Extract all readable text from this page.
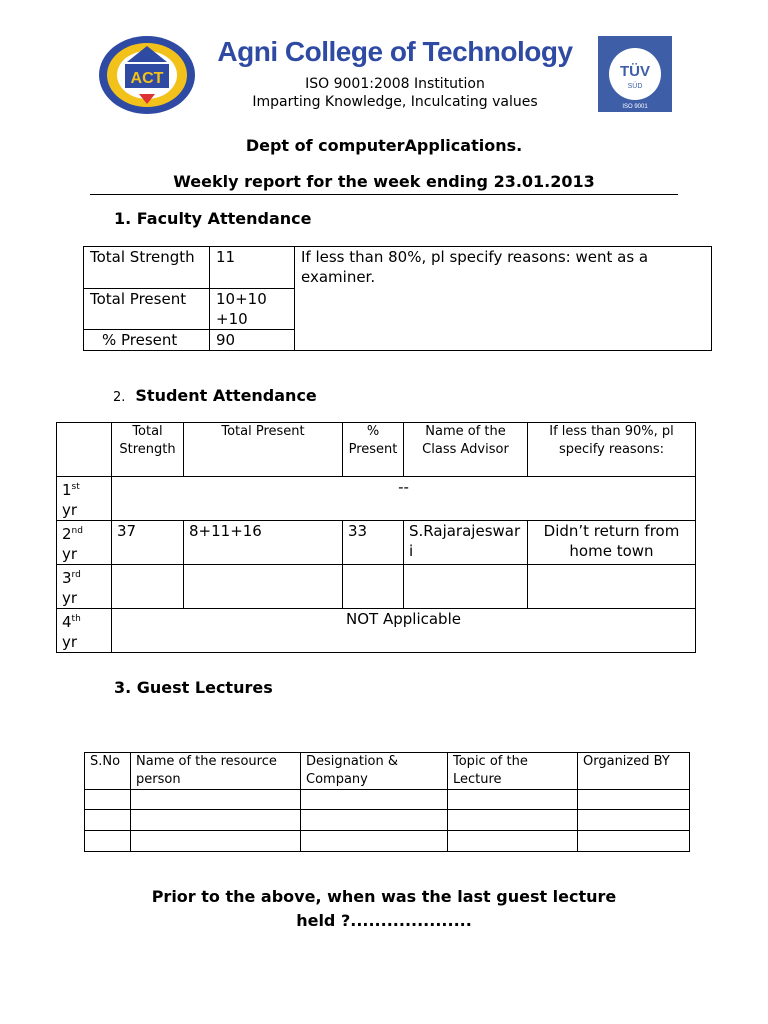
ACT
Agni College of Technology
ISO 9001:2008 Institution
Imparting Knowledge, Inculcating values
TÜV
SÜD
ISO 9001
Dept of computerApplications.
Weekly report for the week ending 23.01.2013
1. Faculty Attendance
Total Strength	11	If less than 80%, pl specify reasons: went as a examiner.
Total Present	10+10 +10	
% Present	90	
2. Student Attendance
	Total Strength	Total Present	% Present	Name of the Class Advisor	If less than 90%, pl specify reasons:
1st
yr	--				
2nd
yr	37	8+11+16	33	S.Rajarajeswari	Didn’t return from home town
3rd
yr					
4th
yr	NOT Applicable				
3. Guest Lectures
S.No	Name of the resource person	Designation & Company	Topic of the Lecture	Organized BY

Prior to the above, when was the last guest lecture
held ?....................
